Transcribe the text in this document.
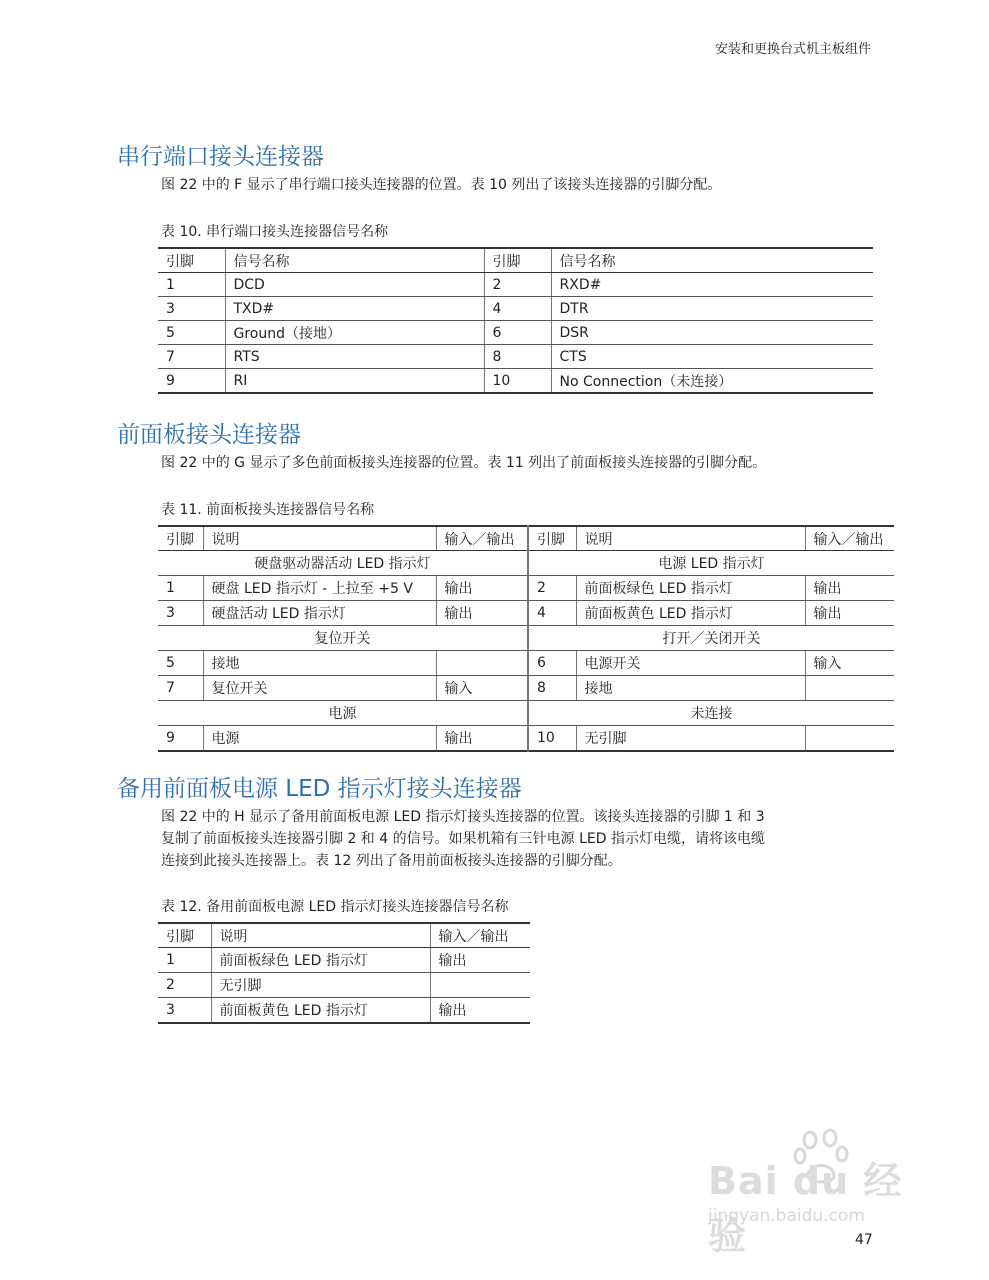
安装和更换台式机主板组件
串行端口接头连接器

图 22 中的 F 显示了串行端口接头连接器的位置。表 10 列出了该接头连接器的引脚分配。

表 10. 串行端口接头连接器信号名称

引脚	信号名称	引脚	信号名称
1	DCD	2	RXD#
3	TXD#	4	DTR
5	Ground（接地）	6	DSR
7	RTS	8	CTS
9	RI	10	No Connection（未连接）
前面板接头连接器

图 22 中的 G 显示了多色前面板接头连接器的位置。表 11 列出了前面板接头连接器的引脚分配。

表 11. 前面板接头连接器信号名称

引脚	说明	输入／输出	引脚	说明	输入／输出
硬盘驱动器活动 LED 指示灯			电源 LED 指示灯		
1	硬盘 LED 指示灯 - 上拉至 +5 V	输出	2	前面板绿色 LED 指示灯	输出
3	硬盘活动 LED 指示灯	输出	4	前面板黄色 LED 指示灯	输出
复位开关			打开／关闭开关		
5	接地		6	电源开关	输入
7	复位开关	输入	8	接地	
电源			未连接		
9	电源	输出	10	无引脚	
备用前面板电源 LED 指示灯接头连接器
图 22 中的 H 显示了备用前面板电源 LED 指示灯接头连接器的位置。该接头连接器的引脚 1 和 3
复制了前面板接头连接器引脚 2 和 4 的信号。如果机箱有三针电源 LED 指示灯电缆，请将该电缆
连接到此接头连接器上。表 12 列出了备用前面板接头连接器的引脚分配。

表 12. 备用前面板电源 LED 指示灯接头连接器信号名称

引脚	说明	输入／输出
1	前面板绿色 LED 指示灯	输出
2	无引脚	
3	前面板黄色 LED 指示灯	输出
Bai du 经验
jingyan.baidu.com
47
